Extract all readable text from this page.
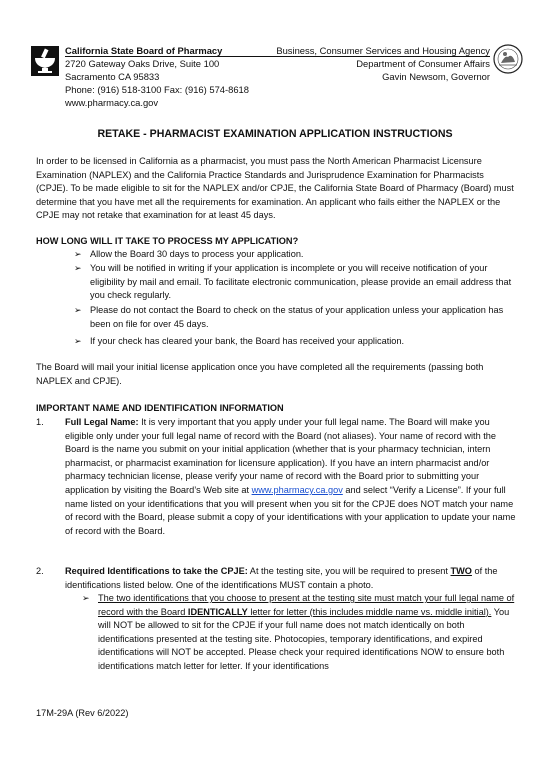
California State Board of Pharmacy
2720 Gateway Oaks Drive, Suite 100
Sacramento CA 95833
Phone: (916) 518-3100 Fax: (916) 574-8618
www.pharmacy.ca.gov
Business, Consumer Services and Housing Agency
Department of Consumer Affairs
Gavin Newsom, Governor
RETAKE - PHARMACIST EXAMINATION APPLICATION INSTRUCTIONS

In order to be licensed in California as a pharmacist, you must pass the North American Pharmacist Licensure Examination (NAPLEX) and the California Practice Standards and Jurisprudence Examination for Pharmacists (CPJE). To be made eligible to sit for the NAPLEX and/or CPJE, the California State Board of Pharmacy (Board) must determine that you have met all the requirements for examination. An applicant who fails either the NAPLEX or the CPJE may not retake that examination for at least 45 days.

HOW LONG WILL IT TAKE TO PROCESS MY APPLICATION?
➢ Allow the Board 30 days to process your application.
➢ You will be notified in writing if your application is incomplete or you will receive notification of your eligibility by mail and email. To facilitate electronic communication, please provide an email address that you check regularly.
➢ Please do not contact the Board to check on the status of your application unless your application has been on file for over 45 days.
➢ If your check has cleared your bank, the Board has received your application.

The Board will mail your initial license application once you have completed all the requirements (passing both NAPLEX and CPJE).

IMPORTANT NAME AND IDENTIFICATION INFORMATION
1. Full Legal Name: It is very important that you apply under your full legal name. The Board will make you eligible only under your full legal name of record with the Board (not aliases). Your name of record with the Board is the name you submit on your initial application (whether that is your pharmacy technician, intern pharmacist, or pharmacist examination for licensure application). If you have an intern pharmacist and/or pharmacy technician license, please verify your name of record with the Board prior to submitting your application by visiting the Board’s Web site at www.pharmacy.ca.gov and select “Verify a License”. If your full name listed on your identifications that you will present when you sit for the CPJE does NOT match your name of record with the Board, please submit a copy of your identifications with your application to update your name of record with the Board.

2. Required Identifications to take the CPJE: At the testing site, you will be required to present TWO of the identifications listed below. One of the identifications MUST contain a photo.

➢ The two identifications that you choose to present at the testing site must match your full legal name of record with the Board IDENTICALLY letter for letter (this includes middle name vs. middle initial). You will NOT be allowed to sit for the CPJE if your full name does not match identically on both identifications presented at the testing site. Photocopies, temporary identifications, and expired identifications will NOT be accepted. Please check your required identifications NOW to ensure both identifications match letter for letter. If your identifications
17M-29A (Rev 6/2022)
